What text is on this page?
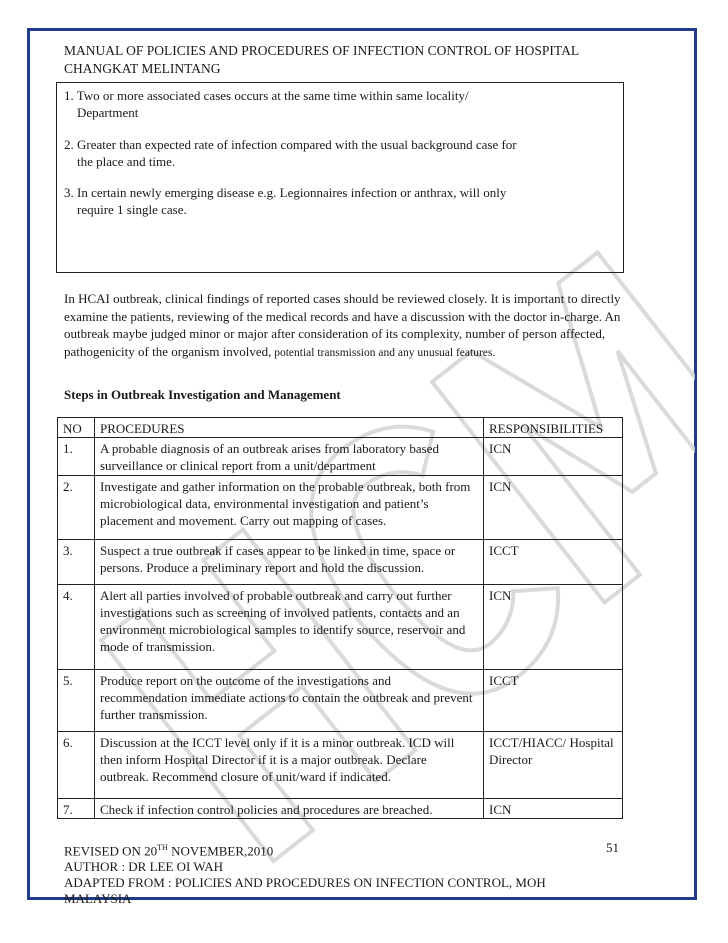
MANUAL OF POLICIES AND PROCEDURES OF INFECTION CONTROL OF HOSPITAL
CHANGKAT MELINTANG
1. Two or more associated cases occurs at the same time within same locality/
Department
2. Greater than expected rate of infection compared with the usual background case for
the place and time.
3. In certain newly emerging disease e.g. Legionnaires infection or anthrax, will only
require 1 single case.
In HCAI outbreak, clinical findings of reported cases should be reviewed closely. It is important to directly examine the patients, reviewing of the medical records and have a discussion with the doctor in-charge. An outbreak maybe judged minor or major after consideration of its complexity, number of person affected, pathogenicity of the organism involved, potential transmission and any unusual features.
Steps in Outbreak Investigation and Management
NO	PROCEDURES	RESPONSIBILITIES
1.	A probable diagnosis of an outbreak arises from laboratory based surveillance or clinical report from a unit/department	ICN
2.	Investigate and gather information on the probable outbreak, both from microbiological data, environmental investigation and patient’s placement and movement. Carry out mapping of cases.	ICN
3.	Suspect a true outbreak if cases appear to be linked in time, space or persons. Produce a preliminary report and hold the discussion.	ICCT
4.	Alert all parties involved of probable outbreak and carry out further investigations such as screening of involved patients, contacts and an environment microbiological samples to identify source, reservoir and mode of transmission.	ICN
5.	Produce report on the outcome of the investigations and recommendation immediate actions to contain the outbreak and prevent further transmission.	ICCT
6.	Discussion at the ICCT level only if it is a minor outbreak. ICD will then inform Hospital Director if it is a major outbreak. Declare outbreak. Recommend closure of unit/ward if indicated.	ICCT/HIACC/ Hospital Director
7.	Check if infection control policies and procedures are breached.	ICN
REVISED ON 20TH NOVEMBER,2010
AUTHOR : DR LEE OI WAH
ADAPTED FROM : POLICIES AND PROCEDURES ON INFECTION CONTROL, MOH
MALAYSIA
51
